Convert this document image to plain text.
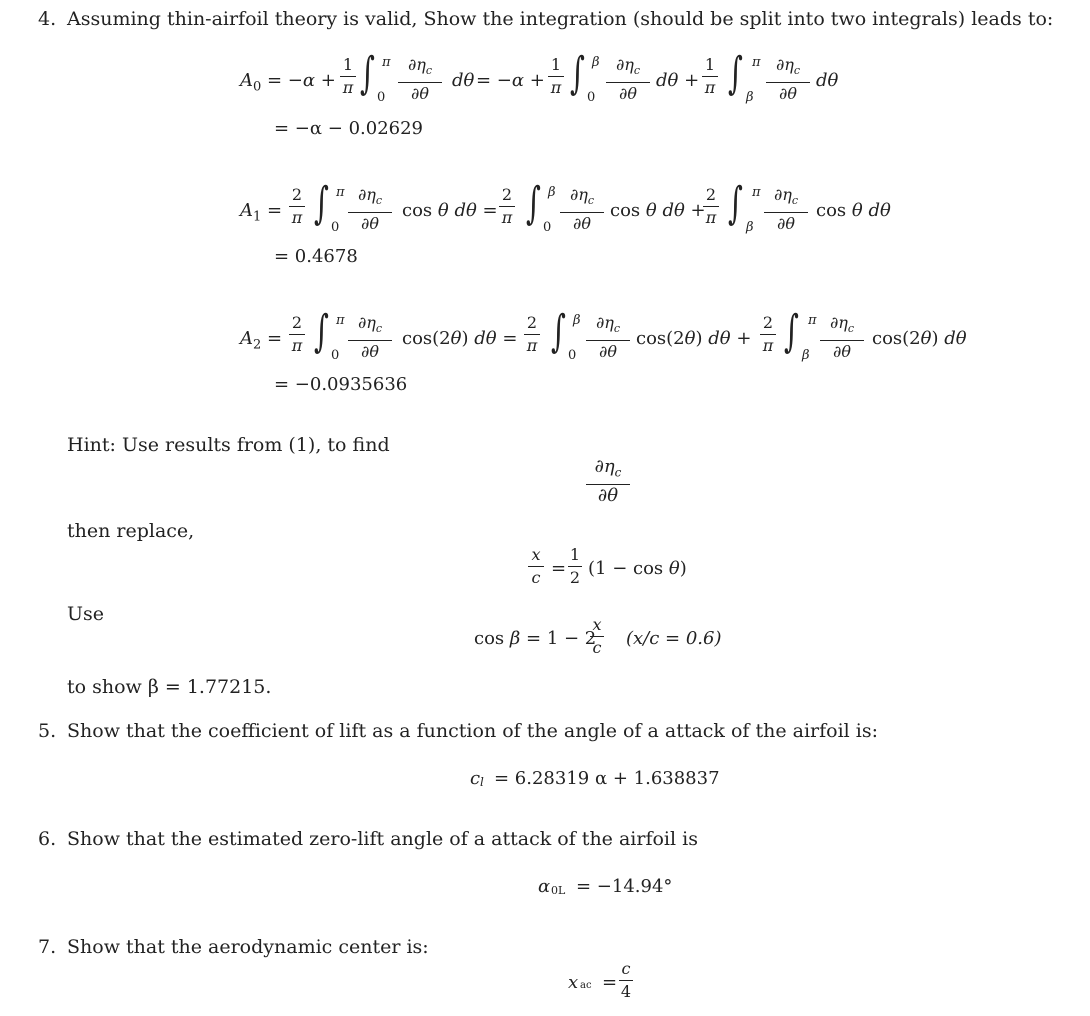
4. Assuming thin-airfoil theory is valid, Show the integration (should be split into two integrals) leads to:
$A_0 = -\alpha$ +
1
π ∫ π
0
$\partial\eta_c$
∂θ
dθ = −α +
1
π ∫ β
0
$\partial\eta_c$
∂θ
dθ +
1
π ∫ π
β
$\partial\eta_c$
∂θ
dθ
= −α − 0.02629
$A_1$ =
2
π ∫ π
0
$\partial\eta_c$
∂θ
cos θ dθ =
2
π ∫ β
0
$\partial\eta_c$
∂θ
cos θ dθ +
2
π ∫ π
β
$\partial\eta_c$
∂θ
cos θ dθ
= 0.4678
$A_2$ =
2
π ∫ π
0
$\partial\eta_c$
∂θ
cos(2θ) dθ =
2
π ∫ β
0
$\partial\eta_c$
∂θ
cos(2θ) dθ +
2
π ∫ π
β
$\partial\eta_c$
∂θ
cos(2θ) dθ
= −0.0935636
Hint: Use results from (1), to find
$\partial\eta_c$
∂θ
then replace,
x
c =
1
2 (1 − cos θ)
Use
cos β = 1 − 2
x
c (x/c = 0.6)
to show β = 1.77215.
5. Show that the coefficient of lift as a function of the angle of a attack of the airfoil is:
c l = 6.28319 α + 1.638837
6. Show that the estimated zero-lift angle of a attack of the airfoil is
α 0L = −14.94°
7. Show that the aerodynamic center is:
x ac =
c
4
